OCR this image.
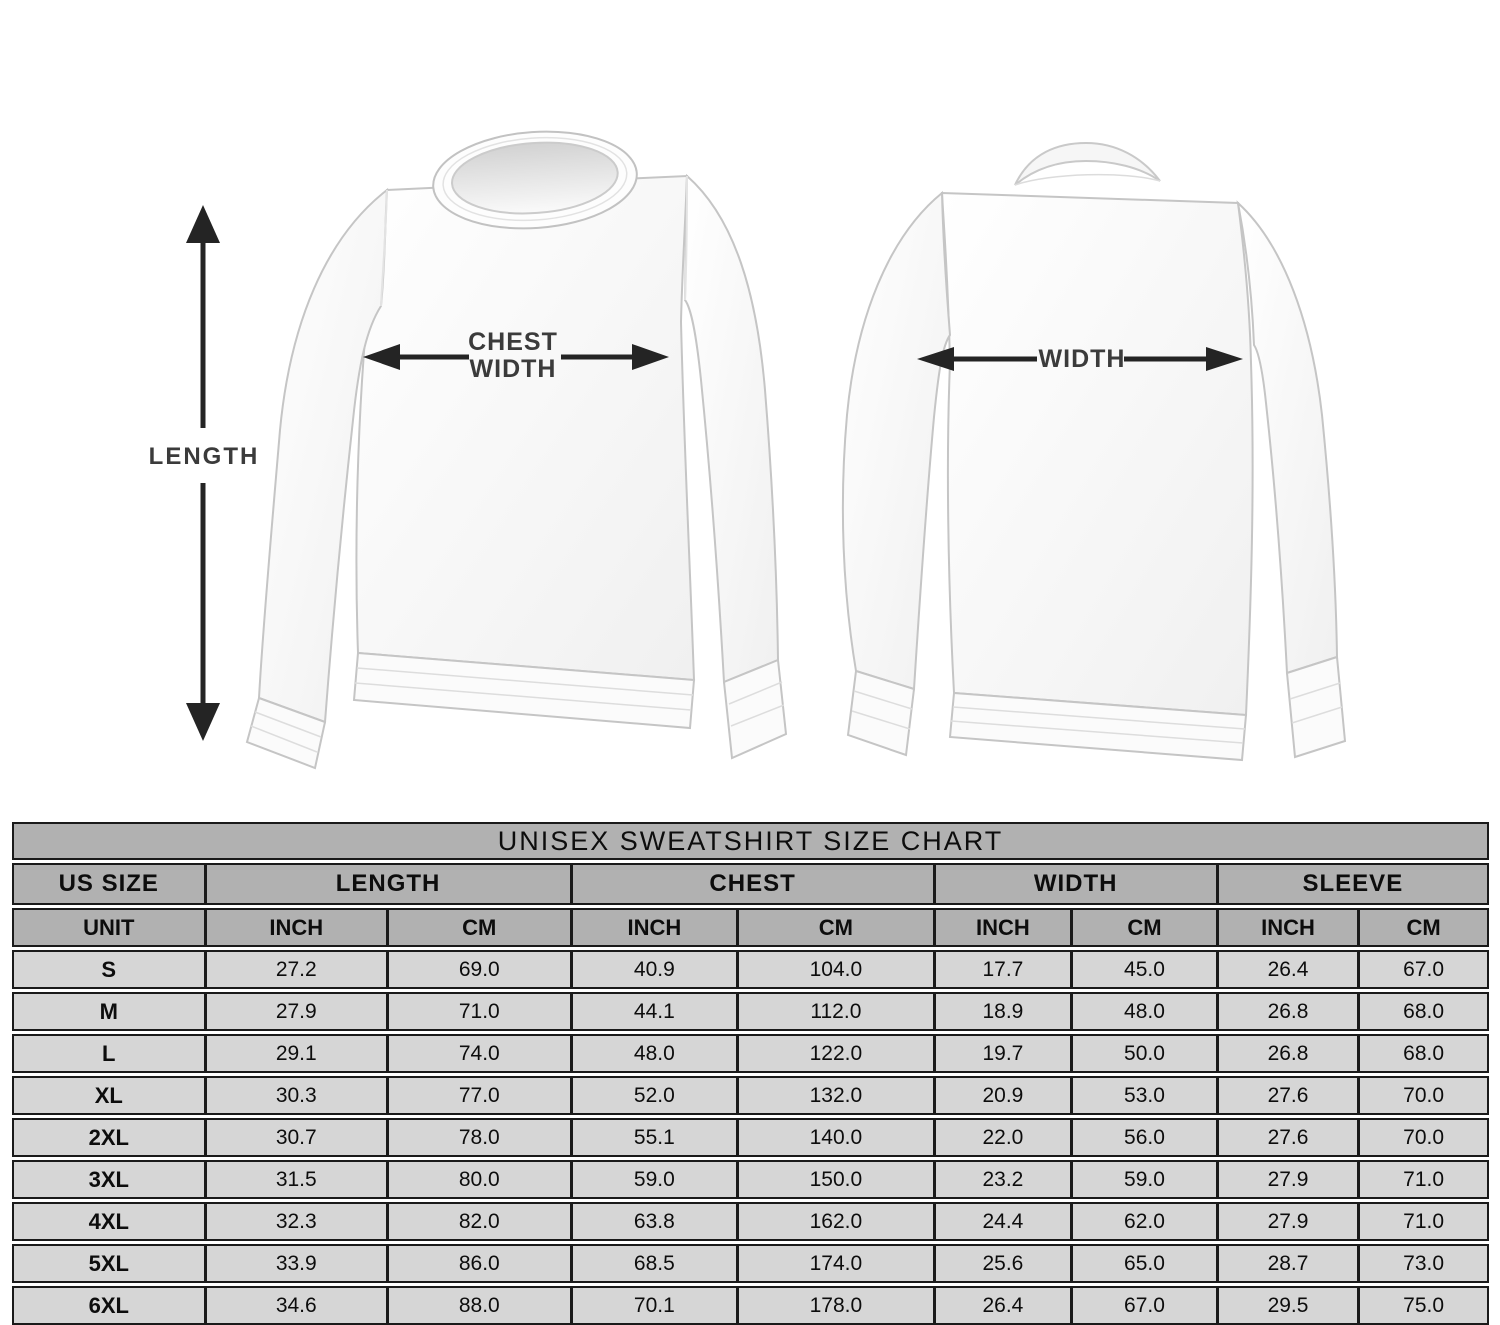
LENGTH
CHEST
WIDTH	WIDTH
UNISEX SWEATSHIRT SIZE CHART
US SIZE	LENGTH	CHEST	WIDTH	SLEEVE
UNIT	INCH	CM	INCH	CM	INCH	CM	INCH	CM
S	27.2	69.0	40.9	104.0	17.7	45.0	26.4	67.0
M	27.9	71.0	44.1	112.0	18.9	48.0	26.8	68.0
L	29.1	74.0	48.0	122.0	19.7	50.0	26.8	68.0
XL	30.3	77.0	52.0	132.0	20.9	53.0	27.6	70.0
2XL	30.7	78.0	55.1	140.0	22.0	56.0	27.6	70.0
3XL	31.5	80.0	59.0	150.0	23.2	59.0	27.9	71.0
4XL	32.3	82.0	63.8	162.0	24.4	62.0	27.9	71.0
5XL	33.9	86.0	68.5	174.0	25.6	65.0	28.7	73.0
6XL	34.6	88.0	70.1	178.0	26.4	67.0	29.5	75.0
